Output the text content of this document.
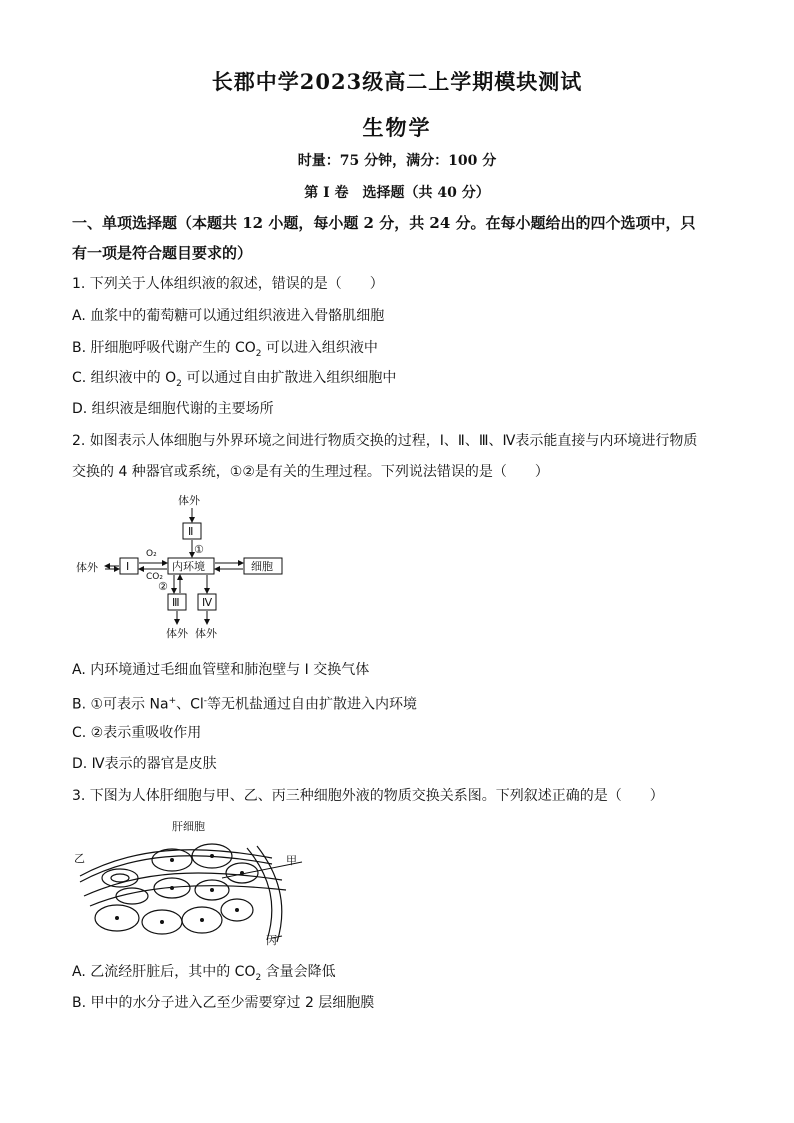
长郡中学2023级高二上学期模块测试
生物学
时量：75 分钟，满分：100 分
第 I 卷　选择题（共 40 分）
一、单项选择题（本题共 12 小题，每小题 2 分，共 24 分。在每小题给出的四个选项中，只
有一项是符合题目要求的）
1. 下列关于人体组织液的叙述，错误的是（　　）
A. 血浆中的葡萄糖可以通过组织液进入骨骼肌细胞
B. 肝细胞呼吸代谢产生的 $CO_2$ 可以进入组织液中
C. 组织液中的 $O_2$ 可以通过自由扩散进入组织细胞中
D. 组织液是细胞代谢的主要场所
2. 如图表示人体细胞与外界环境之间进行物质交换的过程，Ⅰ、Ⅱ、Ⅲ、Ⅳ表示能直接与内环境进行物质
交换的 4 种器官或系统，①②是有关的生理过程。下列说法错误的是（　　）
体外
体外
体外 体外
Ⅱ
Ⅰ	内环境	细胞
Ⅲ Ⅳ
O₂
CO₂
①
②
A. 内环境通过毛细血管壁和肺泡壁与 I 交换气体
B. ①可表示 Na+、Cl-等无机盐通过自由扩散进入内环境
C. ②表示重吸收作用
D. Ⅳ表示的器官是皮肤
3. 下图为人体肝细胞与甲、乙、丙三种细胞外液的物质交换关系图。下列叙述正确的是（　　）
肝细胞
乙	甲
丙
A. 乙流经肝脏后，其中的 $CO_2$ 含量会降低
B. 甲中的水分子进入乙至少需要穿过 2 层细胞膜
